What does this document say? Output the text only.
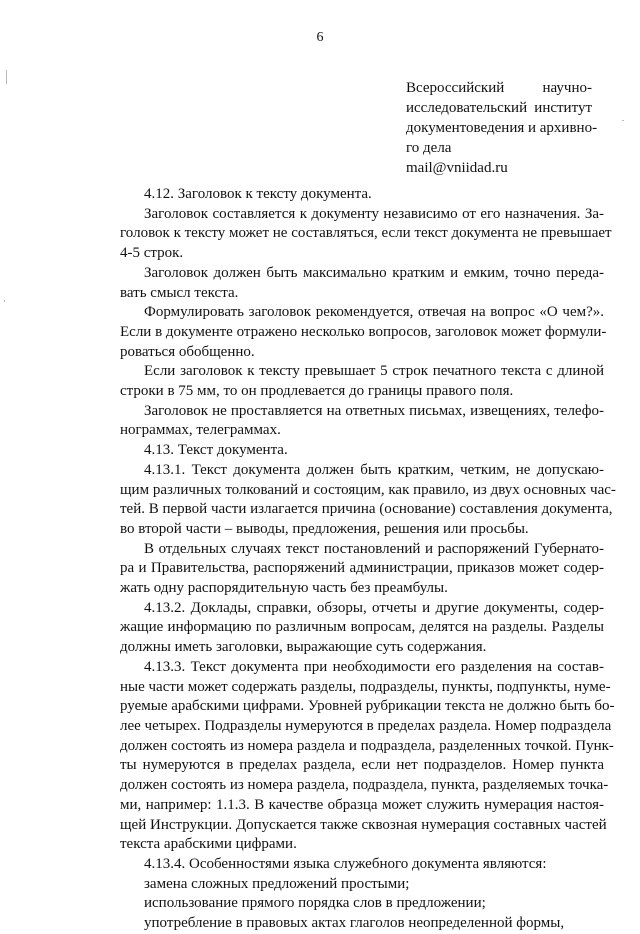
6
Всероссийский научно-
исследовательский институт
документоведения и архивно-
го дела
mail@vniidad.ru

4.12. Заголовок к тексту документа.

Заголовок составляется к документу независимо от его назначения. За-
головок к тексту может не составляться, если текст документа не превышает
4-5 строк.

Заголовок должен быть максимально кратким и емким, точно переда-
вать смысл текста.

Формулировать заголовок рекомендуется, отвечая на вопрос «О чем?».
Если в документе отражено несколько вопросов, заголовок может формули-
роваться обобщенно.

Если заголовок к тексту превышает 5 строк печатного текста с длиной
строки в 75 мм, то он продлевается до границы правого поля.

Заголовок не проставляется на ответных письмах, извещениях, телефо-
нограммах, телеграммах.

4.13. Текст документа.

4.13.1. Текст документа должен быть кратким, четким, не допускаю-
щим различных толкований и состояцим, как правило, из двух основных час-
тей. В первой части излагается причина (основание) составления документа,
во второй части – выводы, предложения, решения или просьбы.

В отдельных случаях текст постановлений и распоряжений Губернато-
ра и Правительства, распоряжений администрации, приказов может содер-
жать одну распорядительную часть без преамбулы.

4.13.2. Доклады, справки, обзоры, отчеты и другие документы, содер-
жащие информацию по различным вопросам, делятся на разделы. Разделы
должны иметь заголовки, выражающие суть содержания.

4.13.3. Текст документа при необходимости его разделения на состав-
ные части может содержать разделы, подразделы, пункты, подпункты, нуме-
руемые арабскими цифрами. Уровней рубрикации текста не должно быть бо-
лее четырех. Подразделы нумеруются в пределах раздела. Номер подраздела
должен состоять из номера раздела и подраздела, разделенных точкой. Пунк-
ты нумеруются в пределах раздела, если нет подразделов. Номер пункта
должен состоять из номера раздела, подраздела, пункта, разделяемых точка-
ми, например: 1.1.3. В качестве образца может служить нумерация настоя-
щей Инструкции. Допускается также сквозная нумерация составных частей
текста арабскими цифрами.

4.13.4. Особенностями языка служебного документа являются:

замена сложных предложений простыми;

использование прямого порядка слов в предложении;

употребление в правовых актах глаголов неопределенной формы,
